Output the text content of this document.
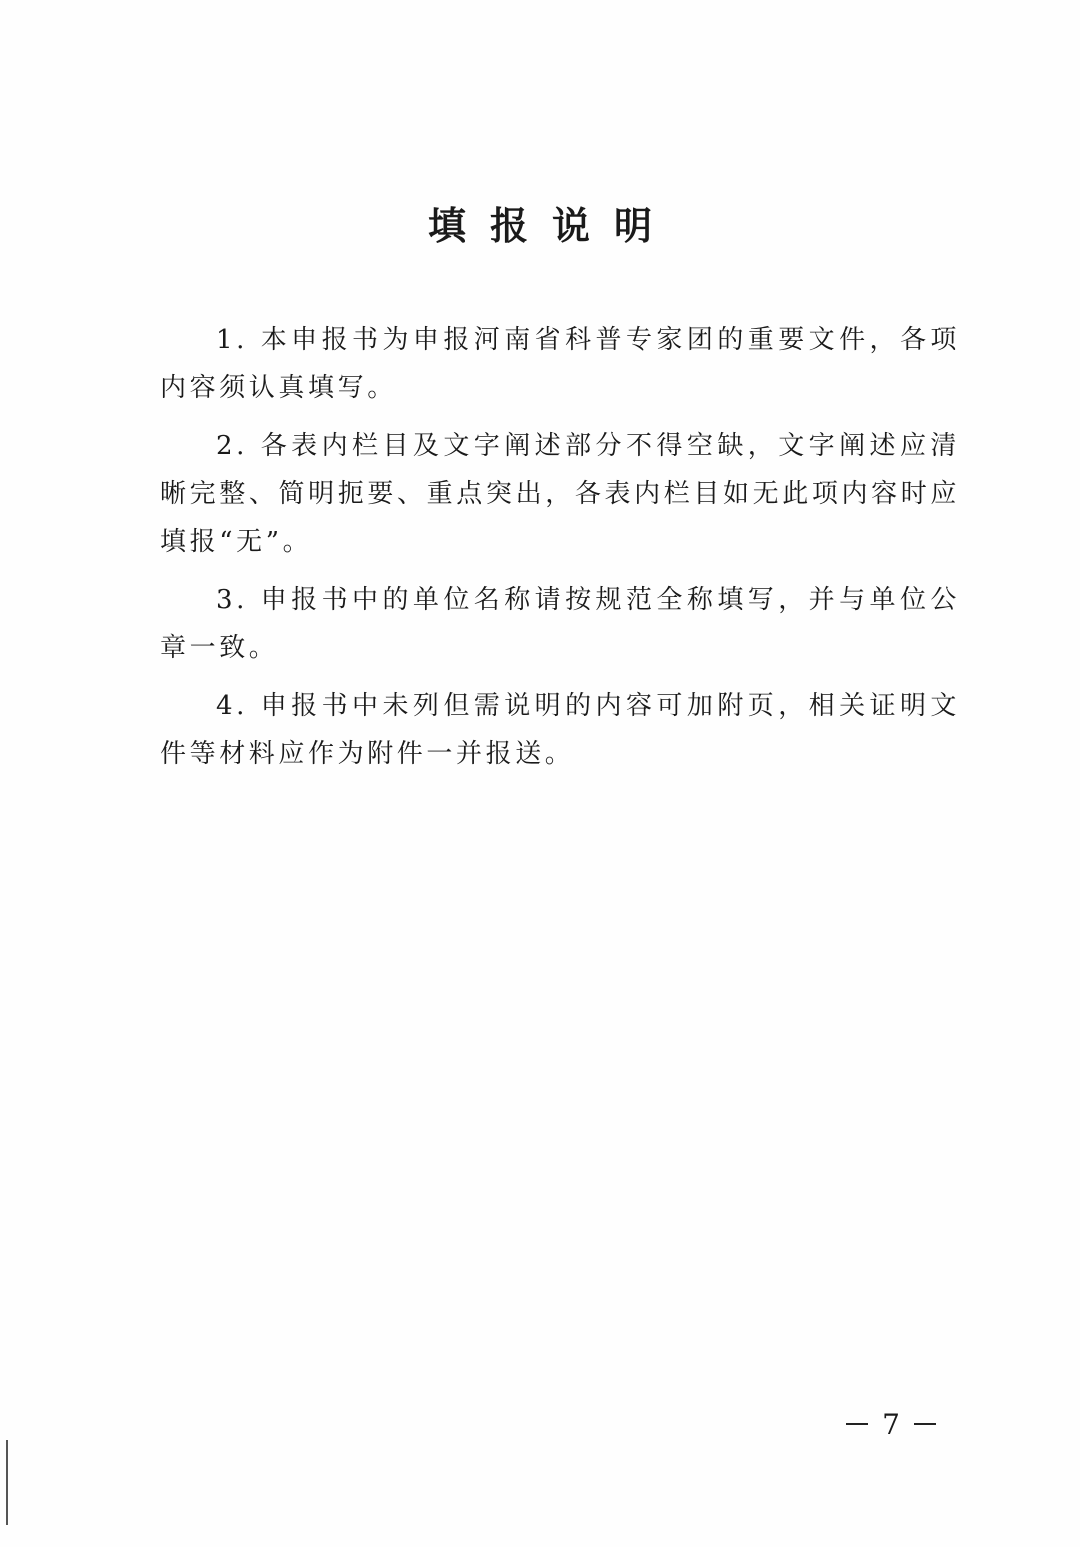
填报说明

1. 本申报书为申报河南省科普专家团的重要文件，各项内容须认真填写。

2. 各表内栏目及文字阐述部分不得空缺，文字阐述应清晰完整、简明扼要、重点突出，各表内栏目如无此项内容时应填报“无”。

3. 申报书中的单位名称请按规范全称填写，并与单位公章一致。

4. 申报书中未列但需说明的内容可加附页，相关证明文件等材料应作为附件一并报送。

7
